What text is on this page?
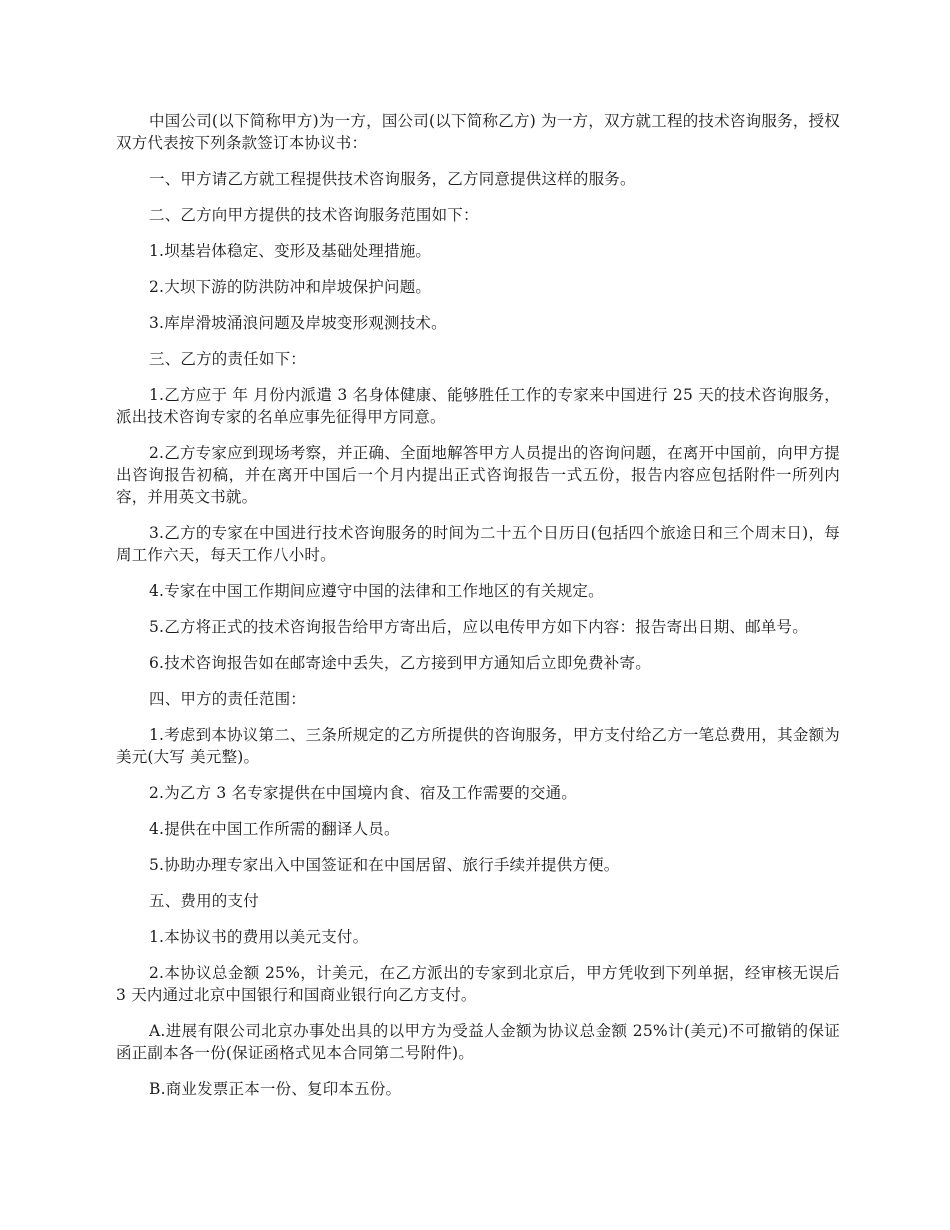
中国公司(以下简称甲方)为一方，国公司(以下简称乙方) 为一方，双方就工程的技术咨询服务，授权双方代表按下列条款签订本协议书：

一、甲方请乙方就工程提供技术咨询服务，乙方同意提供这样的服务。

二、乙方向甲方提供的技术咨询服务范围如下：

1.坝基岩体稳定、变形及基础处理措施。

2.大坝下游的防洪防冲和岸坡保护问题。

3.库岸滑坡涌浪问题及岸坡变形观测技术。

三、乙方的责任如下：

1.乙方应于 年 月份内派遣 3 名身体健康、能够胜任工作的专家来中国进行 25 天的技术咨询服务，派出技术咨询专家的名单应事先征得甲方同意。

2.乙方专家应到现场考察，并正确、全面地解答甲方人员提出的咨询问题，在离开中国前，向甲方提出咨询报告初稿，并在离开中国后一个月内提出正式咨询报告一式五份，报告内容应包括附件一所列内容，并用英文书就。

3.乙方的专家在中国进行技术咨询服务的时间为二十五个日历日(包括四个旅途日和三个周末日)，每周工作六天，每天工作八小时。

4.专家在中国工作期间应遵守中国的法律和工作地区的有关规定。

5.乙方将正式的技术咨询报告给甲方寄出后，应以电传甲方如下内容：报告寄出日期、邮单号。

6.技术咨询报告如在邮寄途中丢失，乙方接到甲方通知后立即免费补寄。

四、甲方的责任范围：

1.考虑到本协议第二、三条所规定的乙方所提供的咨询服务，甲方支付给乙方一笔总费用，其金额为 美元(大写 美元整)。

2.为乙方 3 名专家提供在中国境内食、宿及工作需要的交通。

4.提供在中国工作所需的翻译人员。

5.协助办理专家出入中国签证和在中国居留、旅行手续并提供方便。

五、费用的支付

1.本协议书的费用以美元支付。

2.本协议总金额 25%，计美元，在乙方派出的专家到北京后，甲方凭收到下列单据，经审核无误后 3 天内通过北京中国银行和国商业银行向乙方支付。

A.进展有限公司北京办事处出具的以甲方为受益人金额为协议总金额 25%计(美元)不可撤销的保证函正副本各一份(保证函格式见本合同第二号附件)。

B.商业发票正本一份、复印本五份。
